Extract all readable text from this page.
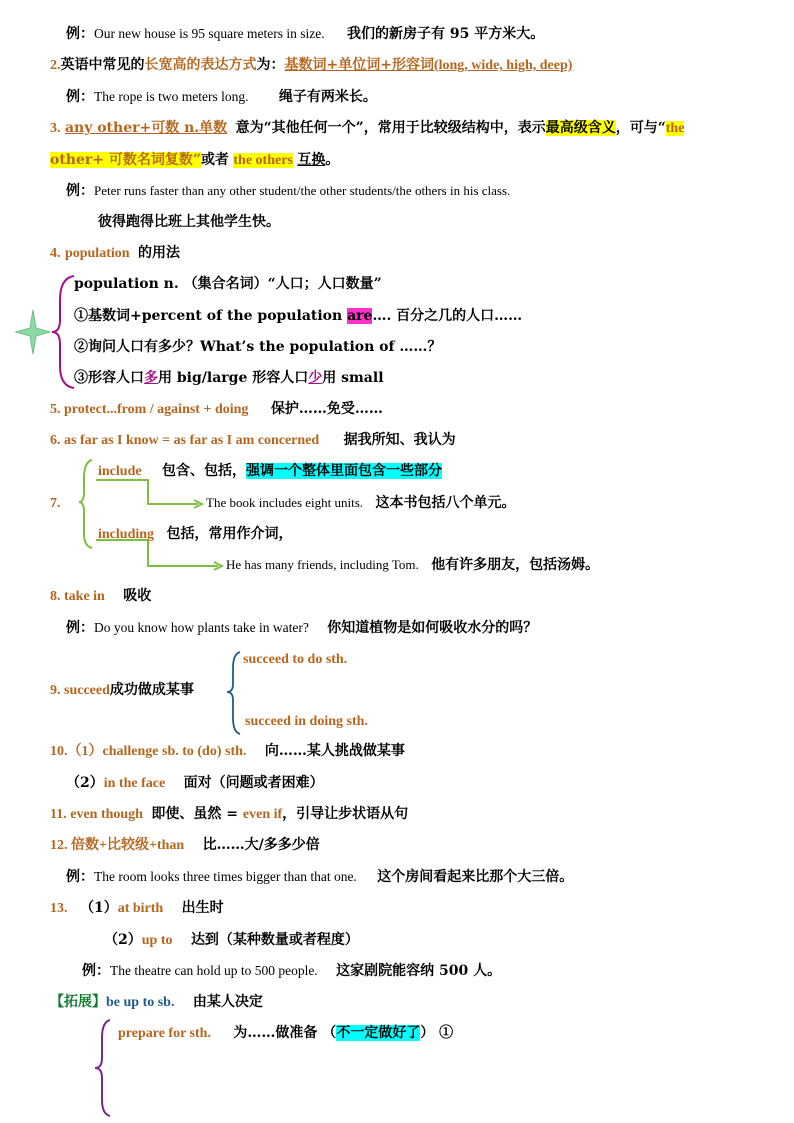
例：Our new house is 95 square meters in size. 我们的新房子有 95 平方米大。
2.英语中常见的长宽高的表达方式为：基数词+单位词+形容词(long, wide, high, deep)
例：The rope is two meters long. 绳子有两米长。
3. any other+可数 n.单数 意为“其他任何一个”，常用于比较级结构中，表示最高级含义，可与“the
other+ 可数名词复数”或者 the others 互换。
例：Peter runs faster than any other student/the other students/the others in his class.
彼得跑得比班上其他学生快。
4. population 的用法
population n. （集合名词）“人口；人口数量”
①基数词+percent of the population are…. 百分之几的人口……
②询问人口有多少？What’s the population of ……？
③形容人口多用 big/large 形容人口少用 small
5. protect...from / against + doing 保护……免受……
6. as far as I know = as far as I am concerned 据我所知、我认为
7.
include 包含、包括，强调一个整体里面包含一些部分
The book includes eight units. 这本书包括八个单元。
including 包括，常用作介词，
He has many friends, including Tom. 他有许多朋友，包括汤姆。
8. take in 吸收
例：Do you know how plants take in water? 你知道植物是如何吸收水分的吗？
9. succeed成功做成某事
succeed to do sth.
succeed in doing sth.
10.（1）challenge sb. to (do) sth. 向……某人挑战做某事
（2）in the face 面对（问题或者困难）
11. even though 即使、虽然 = even if，引导让步状语从句
12. 倍数+比较级+than 比……大/多多少倍
例：The room looks three times bigger than that one. 这个房间看起来比那个大三倍。
13. （1）at birth 出生时
（2）up to 达到（某种数量或者程度）
例：The theatre can hold up to 500 people. 这家剧院能容纳 500 人。
【拓展】be up to sb. 由某人决定
prepare for sth. 为……做准备 （不一定做好了） ①
